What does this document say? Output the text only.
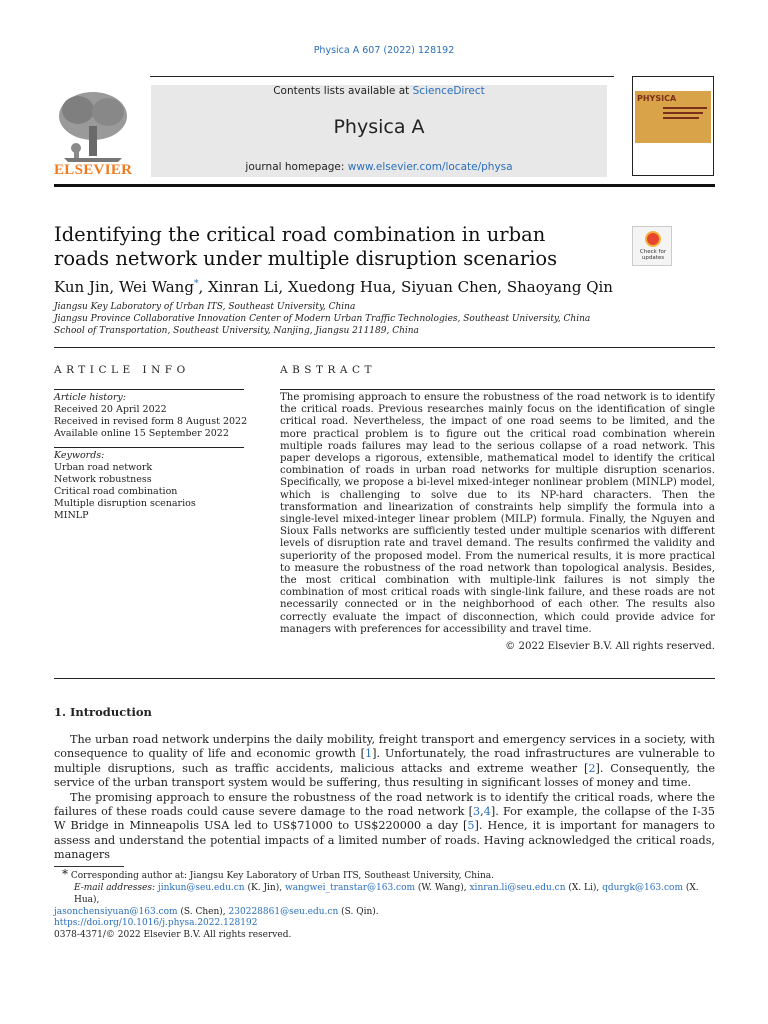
Physica A 607 (2022) 128192
ELSEVIER
Contents lists available at ScienceDirect
Physica A
journal homepage: www.elsevier.com/locate/physa
PHYSICA
Identifying the critical road combination in urban roads network under multiple disruption scenarios	Check for updates
Kun Jin, Wei Wang*, Xinran Li, Xuedong Hua, Siyuan Chen, Shaoyang Qin
Jiangsu Key Laboratory of Urban ITS, Southeast University, China
Jiangsu Province Collaborative Innovation Center of Modern Urban Traffic Technologies, Southeast University, China
School of Transportation, Southeast University, Nanjing, Jiangsu 211189, China
ARTICLE INFO	ABSTRACT
Article history:
Received 20 April 2022
Received in revised form 8 August 2022
Available online 15 September 2022
Keywords:
Urban road network
Network robustness
Critical road combination
Multiple disruption scenarios
MINLP
The promising approach to ensure the robustness of the road network is to identify the critical roads. Previous researches mainly focus on the identification of single critical road. Nevertheless, the impact of one road seems to be limited, and the more practical problem is to figure out the critical road combination wherein multiple roads failures may lead to the serious collapse of a road network. This paper develops a rigorous, extensible, mathematical model to identify the critical combination of roads in urban road networks for multiple disruption scenarios. Specifically, we propose a bi-level mixed-integer nonlinear problem (MINLP) model, which is challenging to solve due to its NP-hard characters. Then the transformation and linearization of constraints help simplify the formula into a single-level mixed-integer linear problem (MILP) formula. Finally, the Nguyen and Sioux Falls networks are sufficiently tested under multiple scenarios with different levels of disruption rate and travel demand. The results confirmed the validity and superiority of the proposed model. From the numerical results, it is more practical to measure the robustness of the road network than topological analysis. Besides, the most critical combination with multiple-link failures is not simply the combination of most critical roads with single-link failure, and these roads are not necessarily connected or in the neighborhood of each other. The results also correctly evaluate the impact of disconnection, which could provide advice for managers with preferences for accessibility and travel time.
© 2022 Elsevier B.V. All rights reserved.
1. Introduction

The urban road network underpins the daily mobility, freight transport and emergency services in a society, with consequence to quality of life and economic growth [1]. Unfortunately, the road infrastructures are vulnerable to multiple disruptions, such as traffic accidents, malicious attacks and extreme weather [2]. Consequently, the service of the urban transport system would be suffering, thus resulting in significant losses of money and time.

The promising approach to ensure the robustness of the road network is to identify the critical roads, where the failures of these roads could cause severe damage to the road network [3,4]. For example, the collapse of the I-35 W Bridge in Minneapolis USA led to US$71000 to US$220000 a day [5]. Hence, it is important for managers to assess and understand the potential impacts of a limited number of roads. Having acknowledged the critical roads, managers

* Corresponding author at: Jiangsu Key Laboratory of Urban ITS, Southeast University, China.
E-mail addresses: jinkun@seu.edu.cn (K. Jin), wangwei_transtar@163.com (W. Wang), xinran.li@seu.edu.cn (X. Li), qdurgk@163.com (X. Hua),
jasonchensiyuan@163.com (S. Chen), 230228861@seu.edu.cn (S. Qin).
https://doi.org/10.1016/j.physa.2022.128192
0378-4371/© 2022 Elsevier B.V. All rights reserved.
